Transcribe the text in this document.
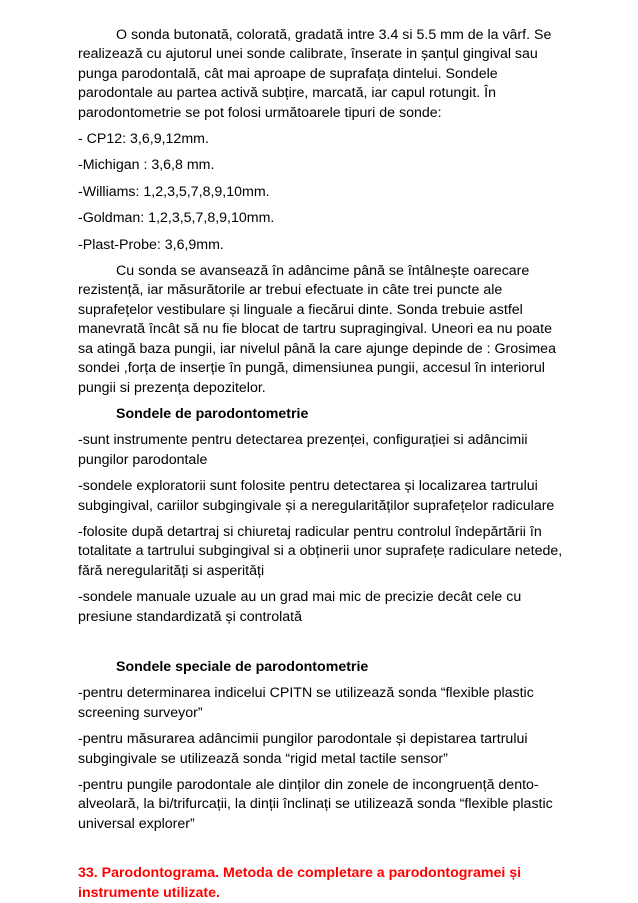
O sonda butonată, colorată, gradată intre 3.4 si 5.5 mm de la vârf. Se realizează cu ajutorul unei sonde calibrate, înserate in șanțul gingival sau punga parodontală, cât mai aproape de suprafața dintelui. Sondele parodontale au partea activă subțire, marcată, iar capul rotungit. În parodontometrie se pot folosi următoarele tipuri de sonde:

- CP12: 3,6,9,12mm.

-Michigan : 3,6,8 mm.

-Williams: 1,2,3,5,7,8,9,10mm.

-Goldman: 1,2,3,5,7,8,9,10mm.

-Plast-Probe: 3,6,9mm.

Cu sonda se avansează în adâncime până se întâlnește oarecare rezistență, iar măsurătorile ar trebui efectuate in câte trei puncte ale suprafețelor vestibulare și linguale a fiecărui dinte. Sonda trebuie astfel manevrată încât să nu fie blocat de tartru supragingival. Uneori ea nu poate sa atingă baza pungii, iar nivelul până la care ajunge depinde de : Grosimea sondei ,forța de inserție în pungă, dimensiunea pungii, accesul în interiorul pungii si prezența depozitelor.

Sondele de parodontometrie

-sunt instrumente pentru detectarea prezenței, configurației si adâncimii pungilor parodontale

-sondele exploratorii sunt folosite pentru detectarea și localizarea tartrului subgingival, cariilor subgingivale și a neregularităților suprafețelor radiculare

-folosite după detartraj si chiuretaj radicular pentru controlul îndepărtării în totalitate a tartrului subgingival si a obținerii unor suprafețe radiculare netede, fără neregularități si asperități

-sondele manuale uzuale au un grad mai mic de precizie decât cele cu presiune standardizată și controlată

Sondele speciale de parodontometrie

-pentru determinarea indicelui CPITN se utilizează sonda “flexible plastic screening surveyor”

-pentru măsurarea adâncimii pungilor parodontale și depistarea tartrului subgingivale se utilizează sonda “rigid metal tactile sensor”

-pentru pungile parodontale ale dinților din zonele de incongruență dento-alveolară, la bi/trifurcații, la dinții înclinați se utilizează sonda “flexible plastic universal explorer”

33. Parodontograma. Metoda de completare a parodontogramei și instrumente utilizate.
